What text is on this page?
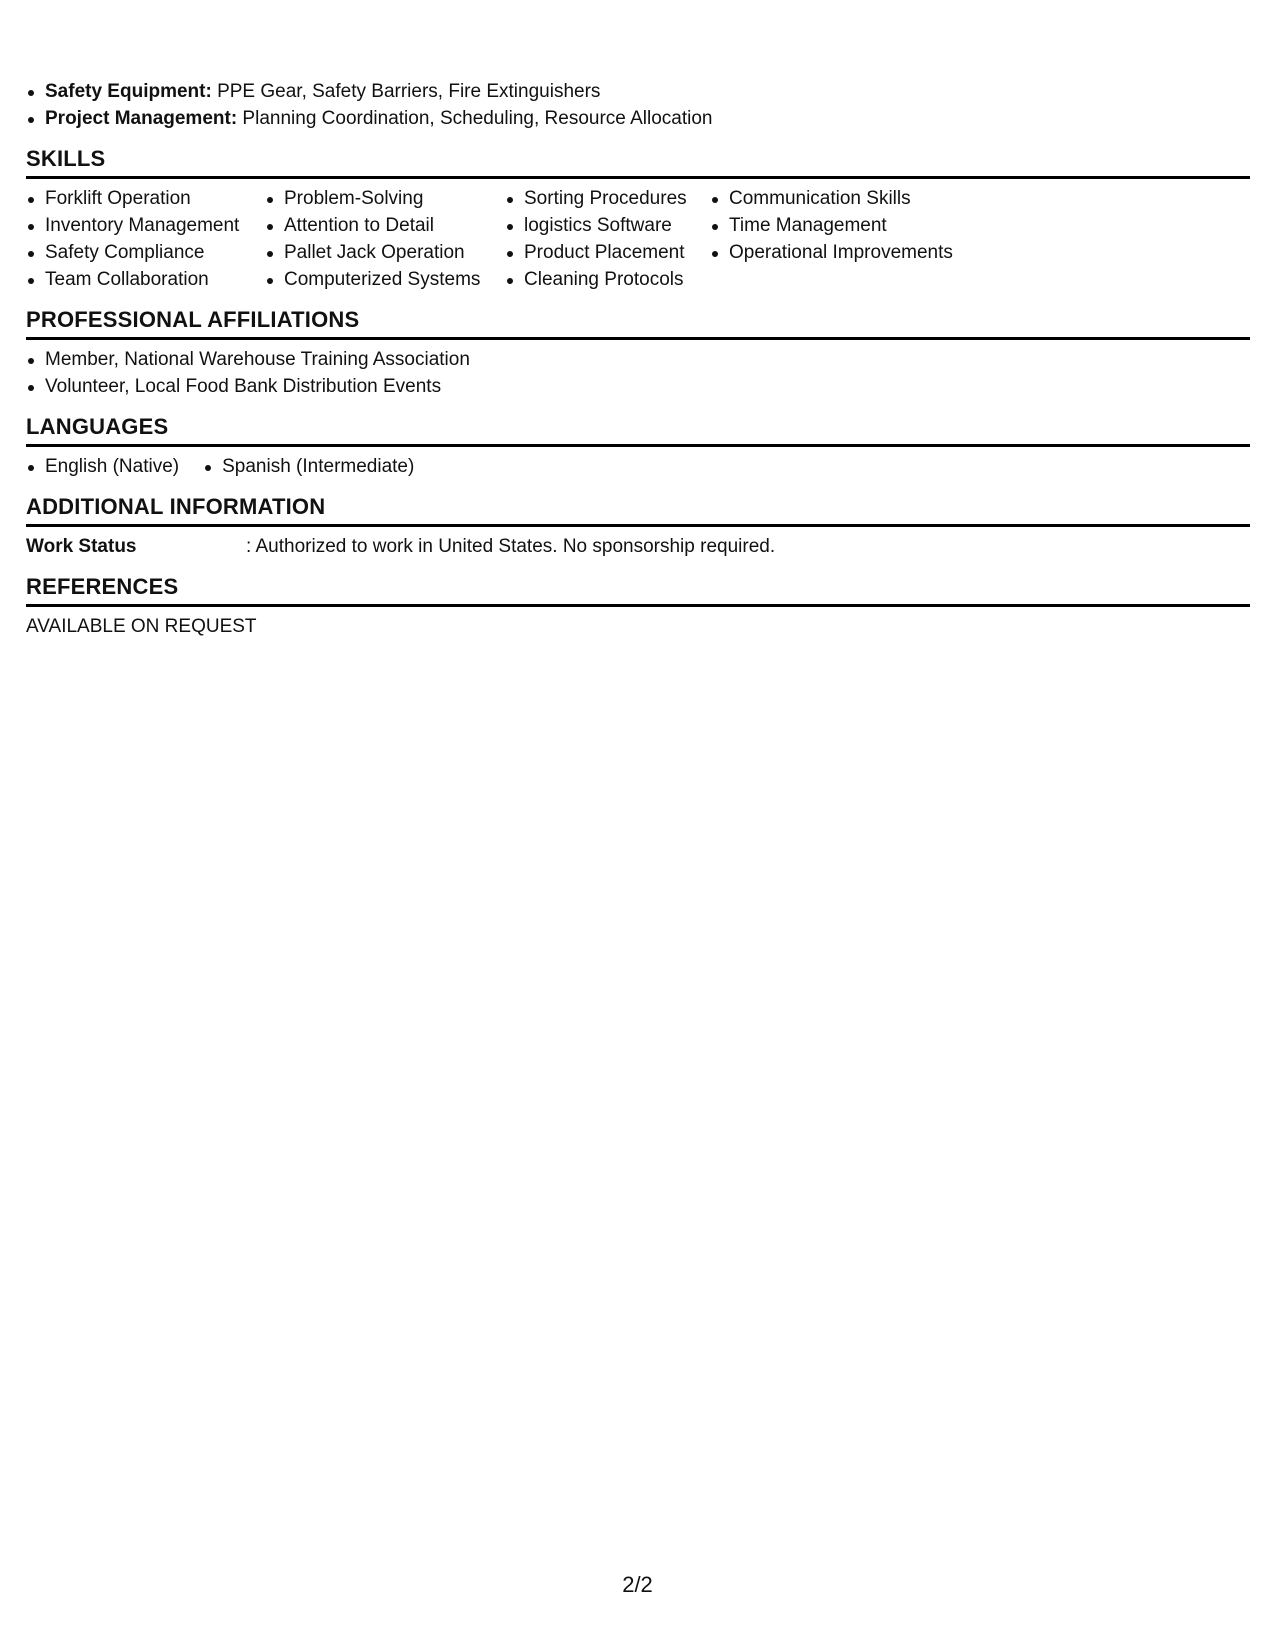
Safety Equipment: PPE Gear, Safety Barriers, Fire Extinguishers
Project Management: Planning Coordination, Scheduling, Resource Allocation
SKILLS
Forklift Operation
Inventory Management
Safety Compliance
Team Collaboration
Problem-Solving
Attention to Detail
Pallet Jack Operation
Computerized Systems
Sorting Procedures
logistics Software
Product Placement
Cleaning Protocols
Communication Skills
Time Management
Operational Improvements
PROFESSIONAL AFFILIATIONS
Member, National Warehouse Training Association
Volunteer, Local Food Bank Distribution Events
LANGUAGES
English (Native)	Spanish (Intermediate)
ADDITIONAL INFORMATION
Work Status	: Authorized to work in United States. No sponsorship required.
REFERENCES
AVAILABLE ON REQUEST
2/2
